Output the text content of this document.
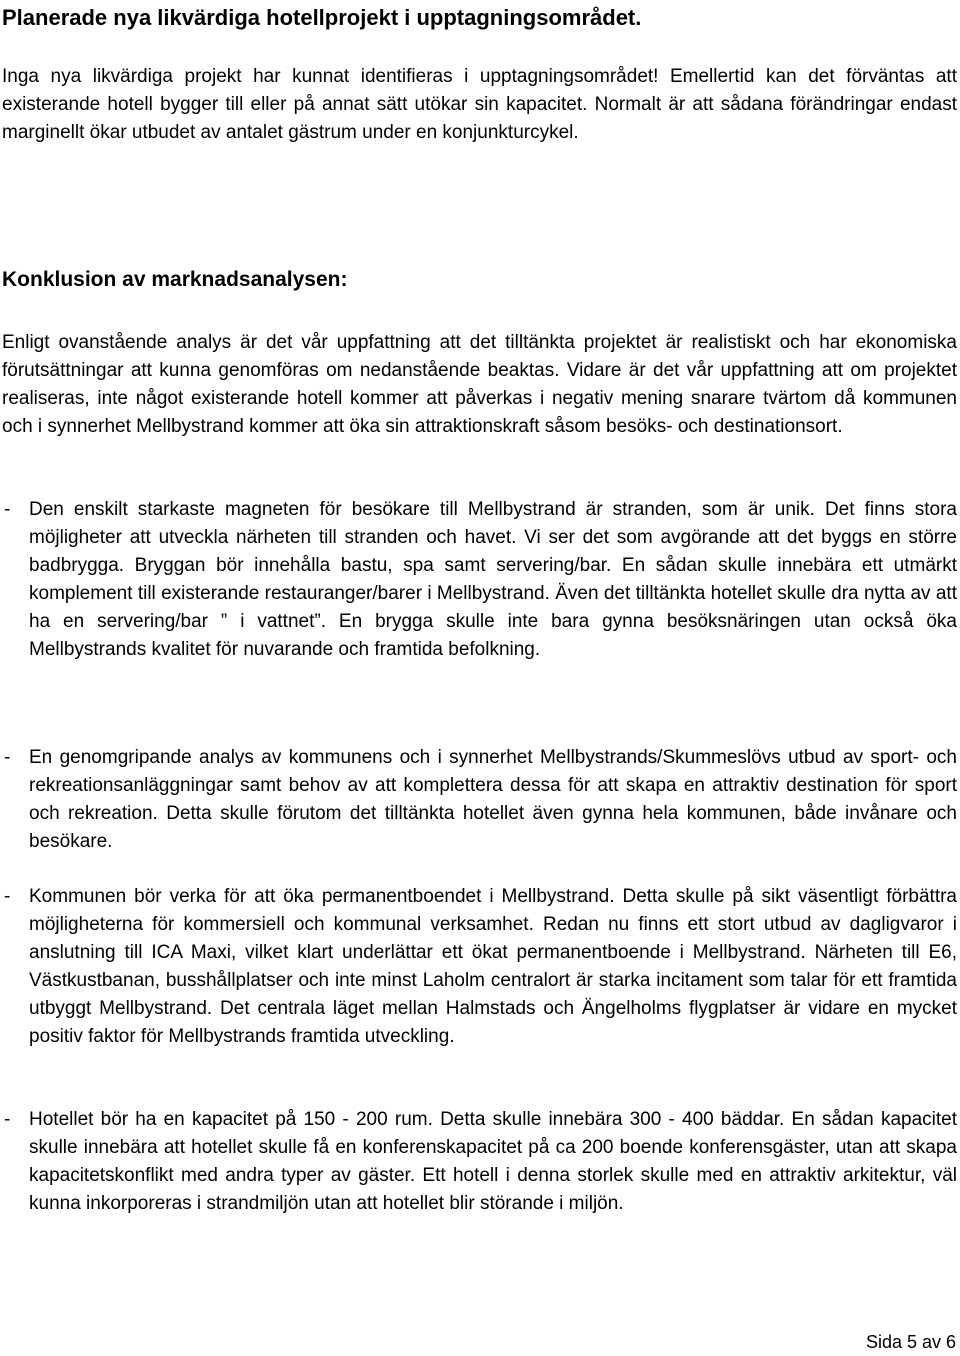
Planerade nya likvärdiga hotellprojekt i upptagningsområdet.

Inga nya likvärdiga projekt har kunnat identifieras i upptagningsområdet! Emellertid kan det förväntas att existerande hotell bygger till eller på annat sätt utökar sin kapacitet. Normalt är att sådana förändringar endast marginellt ökar utbudet av antalet gästrum under en konjunkturcykel.

Konklusion av marknadsanalysen:

Enligt ovanstående analys är det vår uppfattning att det tilltänkta projektet är realistiskt och har ekonomiska förutsättningar att kunna genomföras om nedanstående beaktas. Vidare är det vår uppfattning att om projektet realiseras, inte något existerande hotell kommer att påverkas i negativ mening snarare tvärtom då kommunen och i synnerhet Mellbystrand kommer att öka sin attraktionskraft såsom besöks- och destinationsort.

- Den enskilt starkaste magneten för besökare till Mellbystrand är stranden, som är unik. Det finns stora möjligheter att utveckla närheten till stranden och havet. Vi ser det som avgörande att det byggs en större badbrygga. Bryggan bör innehålla bastu, spa samt servering/bar. En sådan skulle innebära ett utmärkt komplement till existerande restauranger/barer i Mellbystrand. Även det tilltänkta hotellet skulle dra nytta av att ha en servering/bar ” i vattnet”. En brygga skulle inte bara gynna besöksnäringen utan också öka Mellbystrands kvalitet för nuvarande och framtida befolkning.

- En genomgripande analys av kommunens och i synnerhet Mellbystrands/Skummeslövs utbud av sport- och rekreationsanläggningar samt behov av att komplettera dessa för att skapa en attraktiv destination för sport och rekreation. Detta skulle förutom det tilltänkta hotellet även gynna hela kommunen, både invånare och besökare.

- Kommunen bör verka för att öka permanentboendet i Mellbystrand. Detta skulle på sikt väsentligt förbättra möjligheterna för kommersiell och kommunal verksamhet. Redan nu finns ett stort utbud av dagligvaror i anslutning till ICA Maxi, vilket klart underlättar ett ökat permanentboende i Mellbystrand. Närheten till E6, Västkustbanan, busshållplatser och inte minst Laholm centralort är starka incitament som talar för ett framtida utbyggt Mellbystrand. Det centrala läget mellan Halmstads och Ängelholms flygplatser är vidare en mycket positiv faktor för Mellbystrands framtida utveckling.

- Hotellet bör ha en kapacitet på 150 - 200 rum. Detta skulle innebära 300 - 400 bäddar. En sådan kapacitet skulle innebära att hotellet skulle få en konferenskapacitet på ca 200 boende konferensgäster, utan att skapa kapacitetskonflikt med andra typer av gäster. Ett hotell i denna storlek skulle med en attraktiv arkitektur, väl kunna inkorporeras i strandmiljön utan att hotellet blir störande i miljön.

Sida 5 av 6
